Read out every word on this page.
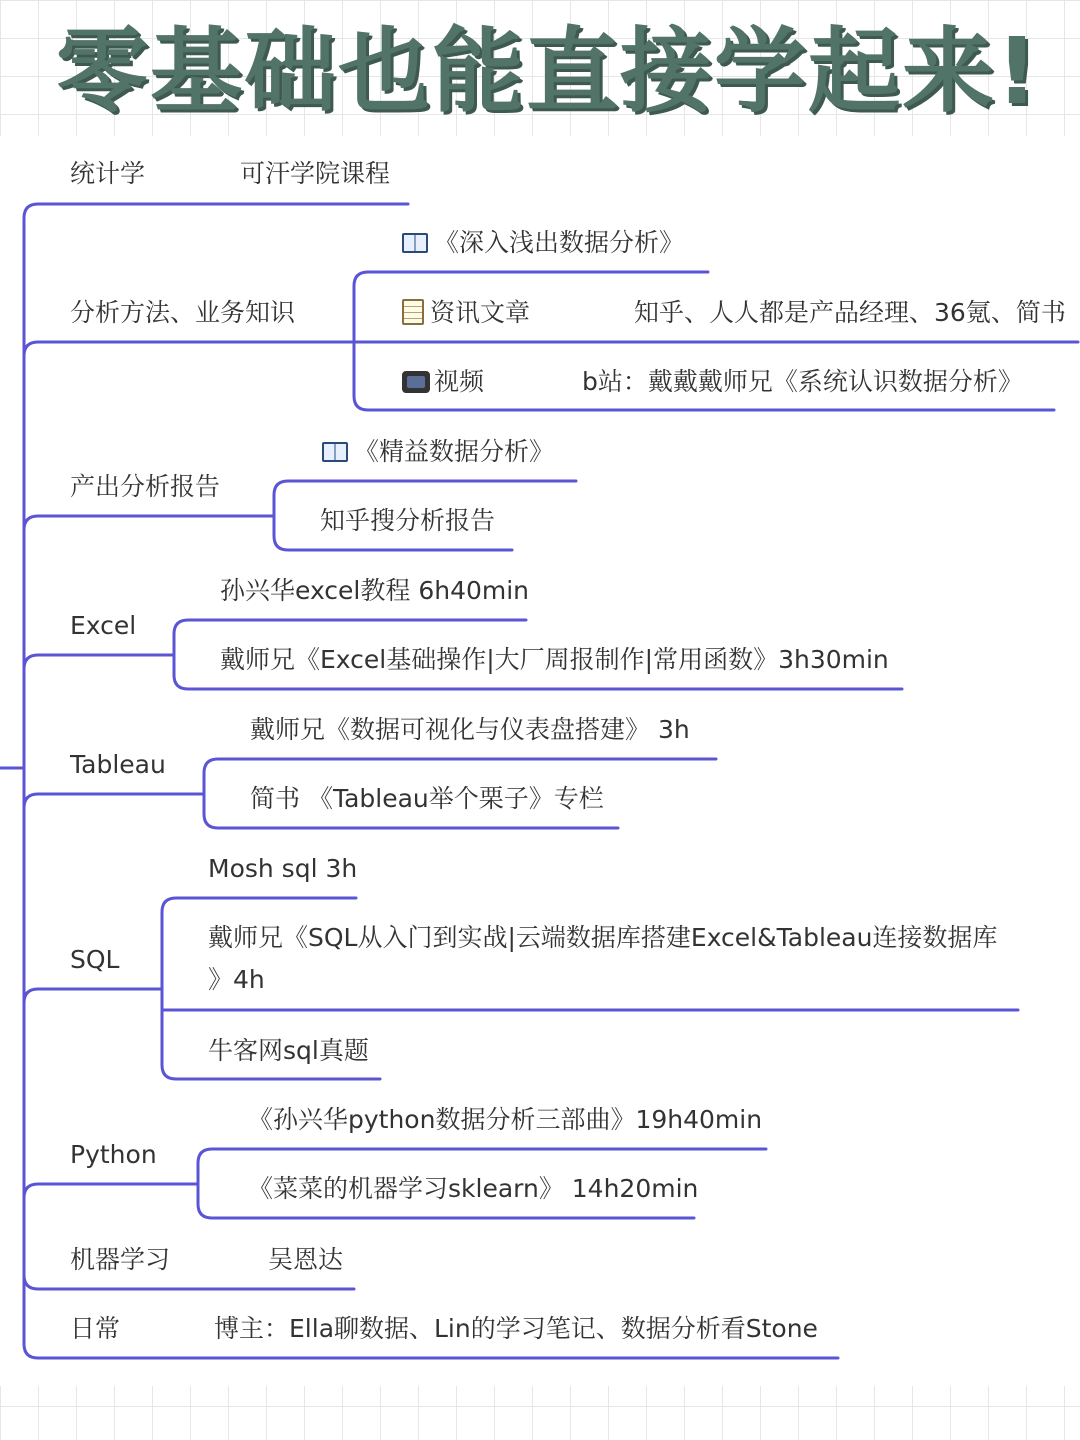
零基础也能直接学起来!
统计学	可汗学院课程
分析方法、业务知识
《深入浅出数据分析》
资讯文章	知乎、人人都是产品经理、36氪、简书
视频	b站：戴戴戴师兄《系统认识数据分析》
产出分析报告
《精益数据分析》
知乎搜分析报告
Excel
孙兴华excel教程 6h40min
戴师兄《Excel基础操作|大厂周报制作|常用函数》3h30min
Tableau
戴师兄《数据可视化与仪表盘搭建》 3h
简书 《Tableau举个栗子》专栏
SQL
Mosh sql 3h
戴师兄《SQL从入门到实战|云端数据库搭建Excel&Tableau连接数据库
》4h
牛客网sql真题
Python
《孙兴华python数据分析三部曲》19h40min
《菜菜的机器学习sklearn》 14h20min
机器学习	吴恩达
日常	博主：Ella聊数据、Lin的学习笔记、数据分析看Stone
